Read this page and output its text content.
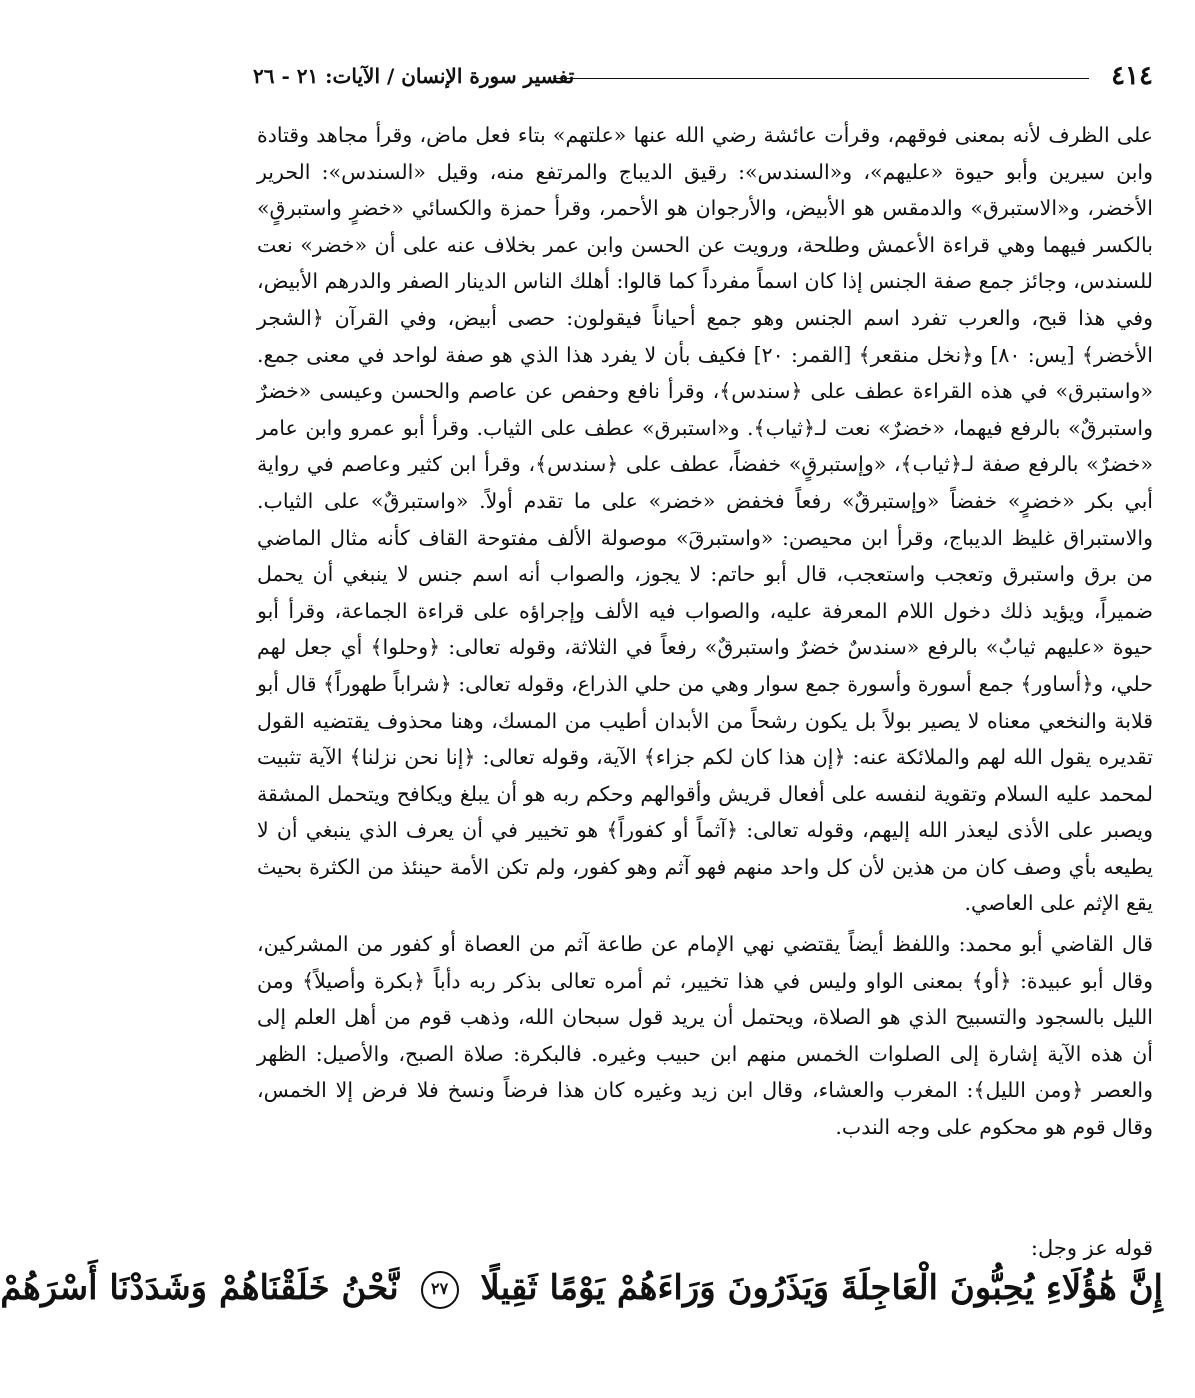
٤١٤
تفسير سورة الإنسان / الآيات: ٢١ - ٢٦

على الظرف لأنه بمعنى فوقهم، وقرأت عائشة رضي الله عنها «علتهم» بتاء فعل ماض، وقرأ مجاهد وقتادة وابن سيرين وأبو حيوة «عليهم»، و«السندس»: رقيق الديباج والمرتفع منه، وقيل «السندس»: الحرير الأخضر، و«الاستبرق» والدمقس هو الأبيض، والأرجوان هو الأحمر، وقرأ حمزة والكسائي «خضرٍ واستبرقٍ» بالكسر فيهما وهي قراءة الأعمش وطلحة، ورويت عن الحسن وابن عمر بخلاف عنه على أن «خضر» نعت للسندس، وجائز جمع صفة الجنس إذا كان اسماً مفرداً كما قالوا: أهلك الناس الدينار الصفر والدرهم الأبيض، وفي هذا قبح، والعرب تفرد اسم الجنس وهو جمع أحياناً فيقولون: حصى أبيض، وفي القرآن ﴿الشجر الأخضر﴾ [يس: ٨٠] و﴿نخل منقعر﴾ [القمر: ٢٠] فكيف بأن لا يفرد هذا الذي هو صفة لواحد في معنى جمع. «واستبرق» في هذه القراءة عطف على ﴿سندس﴾، وقرأ نافع وحفص عن عاصم والحسن وعيسى «خضرٌ واستبرقٌ» بالرفع فيهما، «خضرٌ» نعت لـ﴿ثياب﴾. و«استبرق» عطف على الثياب. وقرأ أبو عمرو وابن عامر «خضرٌ» بالرفع صفة لـ﴿ثياب﴾، «وإستبرقٍ» خفضاً، عطف على ﴿سندس﴾، وقرأ ابن كثير وعاصم في رواية أبي بكر «خضرٍ» خفضاً «وإستبرقٌ» رفعاً فخفض «خضر» على ما تقدم أولاً. «واستبرقٌ» على الثياب. والاستبراق غليظ الديباج، وقرأ ابن محيصن: «واستبرقَ» موصولة الألف مفتوحة القاف كأنه مثال الماضي من برق واستبرق وتعجب واستعجب، قال أبو حاتم: لا يجوز، والصواب أنه اسم جنس لا ينبغي أن يحمل ضميراً، ويؤيد ذلك دخول اللام المعرفة عليه، والصواب فيه الألف وإجراؤه على قراءة الجماعة، وقرأ أبو حيوة «عليهم ثيابٌ» بالرفع «سندسٌ خضرٌ واستبرقٌ» رفعاً في الثلاثة، وقوله تعالى: ﴿وحلوا﴾ أي جعل لهم حلي، و﴿أساور﴾ جمع أسورة وأسورة جمع سوار وهي من حلي الذراع، وقوله تعالى: ﴿شراباً طهوراً﴾ قال أبو قلابة والنخعي معناه لا يصير بولاً بل يكون رشحاً من الأبدان أطيب من المسك، وهنا محذوف يقتضيه القول تقديره يقول الله لهم والملائكة عنه: ﴿إن هذا كان لكم جزاء﴾ الآية، وقوله تعالى: ﴿إنا نحن نزلنا﴾ الآية تثبيت لمحمد عليه السلام وتقوية لنفسه على أفعال قريش وأقوالهم وحكم ربه هو أن يبلغ ويكافح ويتحمل المشقة ويصبر على الأذى ليعذر الله إليهم، وقوله تعالى: ﴿آثماً أو كفوراً﴾ هو تخيير في أن يعرف الذي ينبغي أن لا يطيعه بأي وصف كان من هذين لأن كل واحد منهم فهو آثم وهو كفور، ولم تكن الأمة حينئذ من الكثرة بحيث يقع الإثم على العاصي.

قال القاضي أبو محمد: واللفظ أيضاً يقتضي نهي الإمام عن طاعة آثم من العصاة أو كفور من المشركين، وقال أبو عبيدة: ﴿أو﴾ بمعنى الواو وليس في هذا تخيير، ثم أمره تعالى بذكر ربه دأباً ﴿بكرة وأصيلاً﴾ ومن الليل بالسجود والتسبيح الذي هو الصلاة، ويحتمل أن يريد قول سبحان الله، وذهب قوم من أهل العلم إلى أن هذه الآية إشارة إلى الصلوات الخمس منهم ابن حبيب وغيره. فالبكرة: صلاة الصبح، والأصيل: الظهر والعصر ﴿ومن الليل﴾: المغرب والعشاء، وقال ابن زيد وغيره كان هذا فرضاً ونسخ فلا فرض إلا الخمس، وقال قوم هو محكوم على وجه الندب.

قوله عز وجل:
إِنَّ هَٰؤُلَاءِ يُحِبُّونَ الْعَاجِلَةَ وَيَذَرُونَ وَرَاءَهُمْ يَوْمًا ثَقِيلًا ٢٧ نَّحْنُ خَلَقْنَاهُمْ وَشَدَدْنَا أَسْرَهُمْ
